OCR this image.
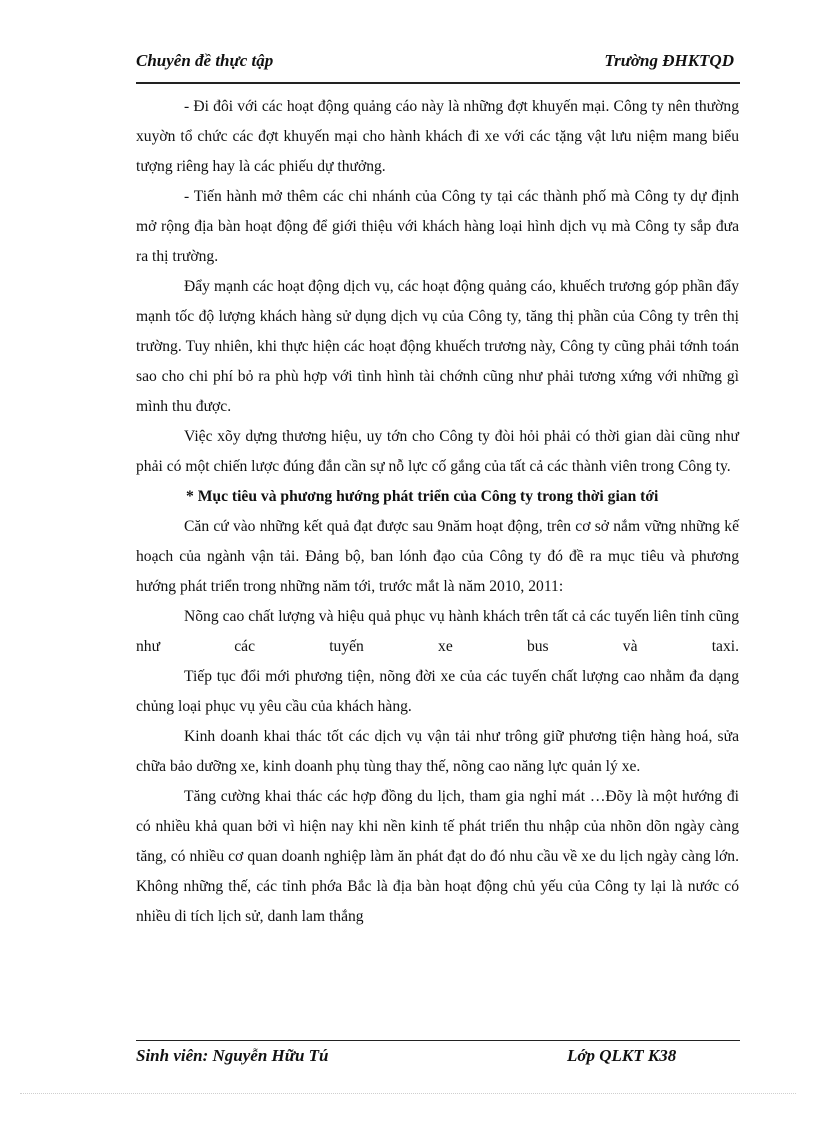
Chuyên đề thực tập	Trường ĐHKTQD

- Đi đôi với các hoạt động quảng cáo này là những đợt khuyến mại. Công ty nên thường xuyờn tổ chức các đợt khuyến mại cho hành khách đi xe với các tặng vật lưu niệm mang biểu tượng riêng hay là các phiếu dự thưởng.

- Tiến hành mở thêm các chi nhánh của Công ty tại các thành phố mà Công ty dự định mở rộng địa bàn hoạt động để giới thiệu với khách hàng loại hình dịch vụ mà Công ty sắp đưa ra thị trường.

Đẩy mạnh các hoạt động dịch vụ, các hoạt động quảng cáo, khuếch trương góp phần đẩy mạnh tốc độ lượng khách hàng sử dụng dịch vụ của Công ty, tăng thị phần của Công ty trên thị trường. Tuy nhiên, khi thực hiện các hoạt động khuếch trương này, Công ty cũng phải tớnh toán sao cho chi phí bỏ ra phù hợp với tình hình tài chớnh cũng như phải tương xứng với những gì mình thu được.

Việc xõy dựng thương hiệu, uy tớn cho Công ty đòi hỏi phải có thời gian dài cũng như phải có một chiến lược đúng đắn cần sự nỗ lực cố gắng của tất cả các thành viên trong Công ty.

* Mục tiêu và phương hướng phát triển của Công ty trong thời gian tới

Căn cứ vào những kết quả đạt được sau 9năm hoạt động, trên cơ sở nắm vững những kế hoạch của ngành vận tải. Đảng bộ, ban lónh đạo của Công ty đó đề ra mục tiêu và phương hướng phát triển trong những năm tới, trước mắt là năm 2010, 2011:

Nõng cao chất lượng và hiệu quả phục vụ hành khách trên tất cả các tuyến liên tỉnh cũng như các tuyến xe bus và taxi.

Tiếp tục đổi mới phương tiện, nõng đời xe của các tuyến chất lượng cao nhằm đa dạng chủng loại phục vụ yêu cầu của khách hàng.

Kinh doanh khai thác tốt các dịch vụ vận tải như trông giữ phương tiện hàng hoá, sửa chữa bảo dưỡng xe, kinh doanh phụ tùng thay thế, nõng cao năng lực quản lý xe.

Tăng cường khai thác các hợp đồng du lịch, tham gia nghỉ mát …Đõy là một hướng đi có nhiều khả quan bởi vì hiện nay khi nền kinh tế phát triển thu nhập của nhõn dõn ngày càng tăng, có nhiều cơ quan doanh nghiệp làm ăn phát đạt do đó nhu cầu về xe du lịch ngày càng lớn. Không những thế, các tỉnh phớa Bắc là địa bàn hoạt động chủ yếu của Công ty lại là nước có nhiều di tích lịch sử, danh lam thắng

Sinh viên: Nguyễn Hữu Tú	Lớp QLKT K38
